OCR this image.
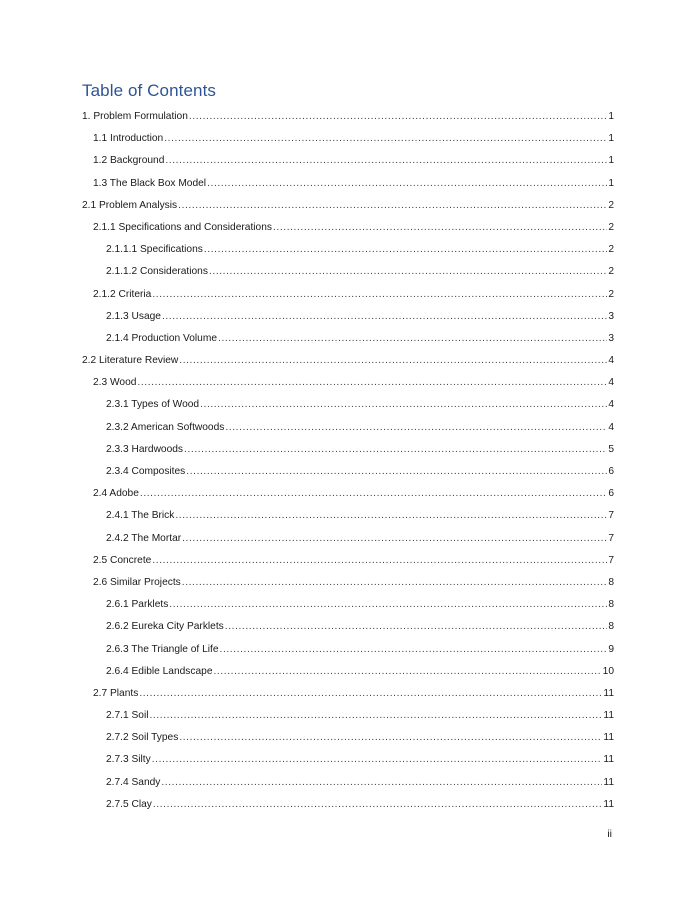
Table of Contents
1. Problem Formulation .....	1
1.1 Introduction .....	1
1.2 Background .....	1
1.3 The Black Box Model .....	1
2.1 Problem Analysis .....	2
2.1.1 Specifications and Considerations .....	2
2.1.1.1 Specifications .....	2
2.1.1.2 Considerations .....	2
2.1.2 Criteria .....	2
2.1.3 Usage .....	3
2.1.4 Production Volume .....	3
2.2 Literature Review .....	4
2.3 Wood .....	4
2.3.1 Types of Wood .....	4
2.3.2 American Softwoods .....	4
2.3.3 Hardwoods .....	5
2.3.4 Composites .....	6
2.4 Adobe .....	6
2.4.1 The Brick .....	7
2.4.2 The Mortar .....	7
2.5 Concrete .....	7
2.6 Similar Projects .....	8
2.6.1 Parklets .....	8
2.6.2 Eureka City Parklets .....	8
2.6.3 The Triangle of Life .....	9
2.6.4 Edible Landscape .....	10
2.7 Plants .....	11
2.7.1 Soil .....	11
2.7.2 Soil Types .....	11
2.7.3 Silty .....	11
2.7.4 Sandy .....	11
2.7.5 Clay .....	11
ii
